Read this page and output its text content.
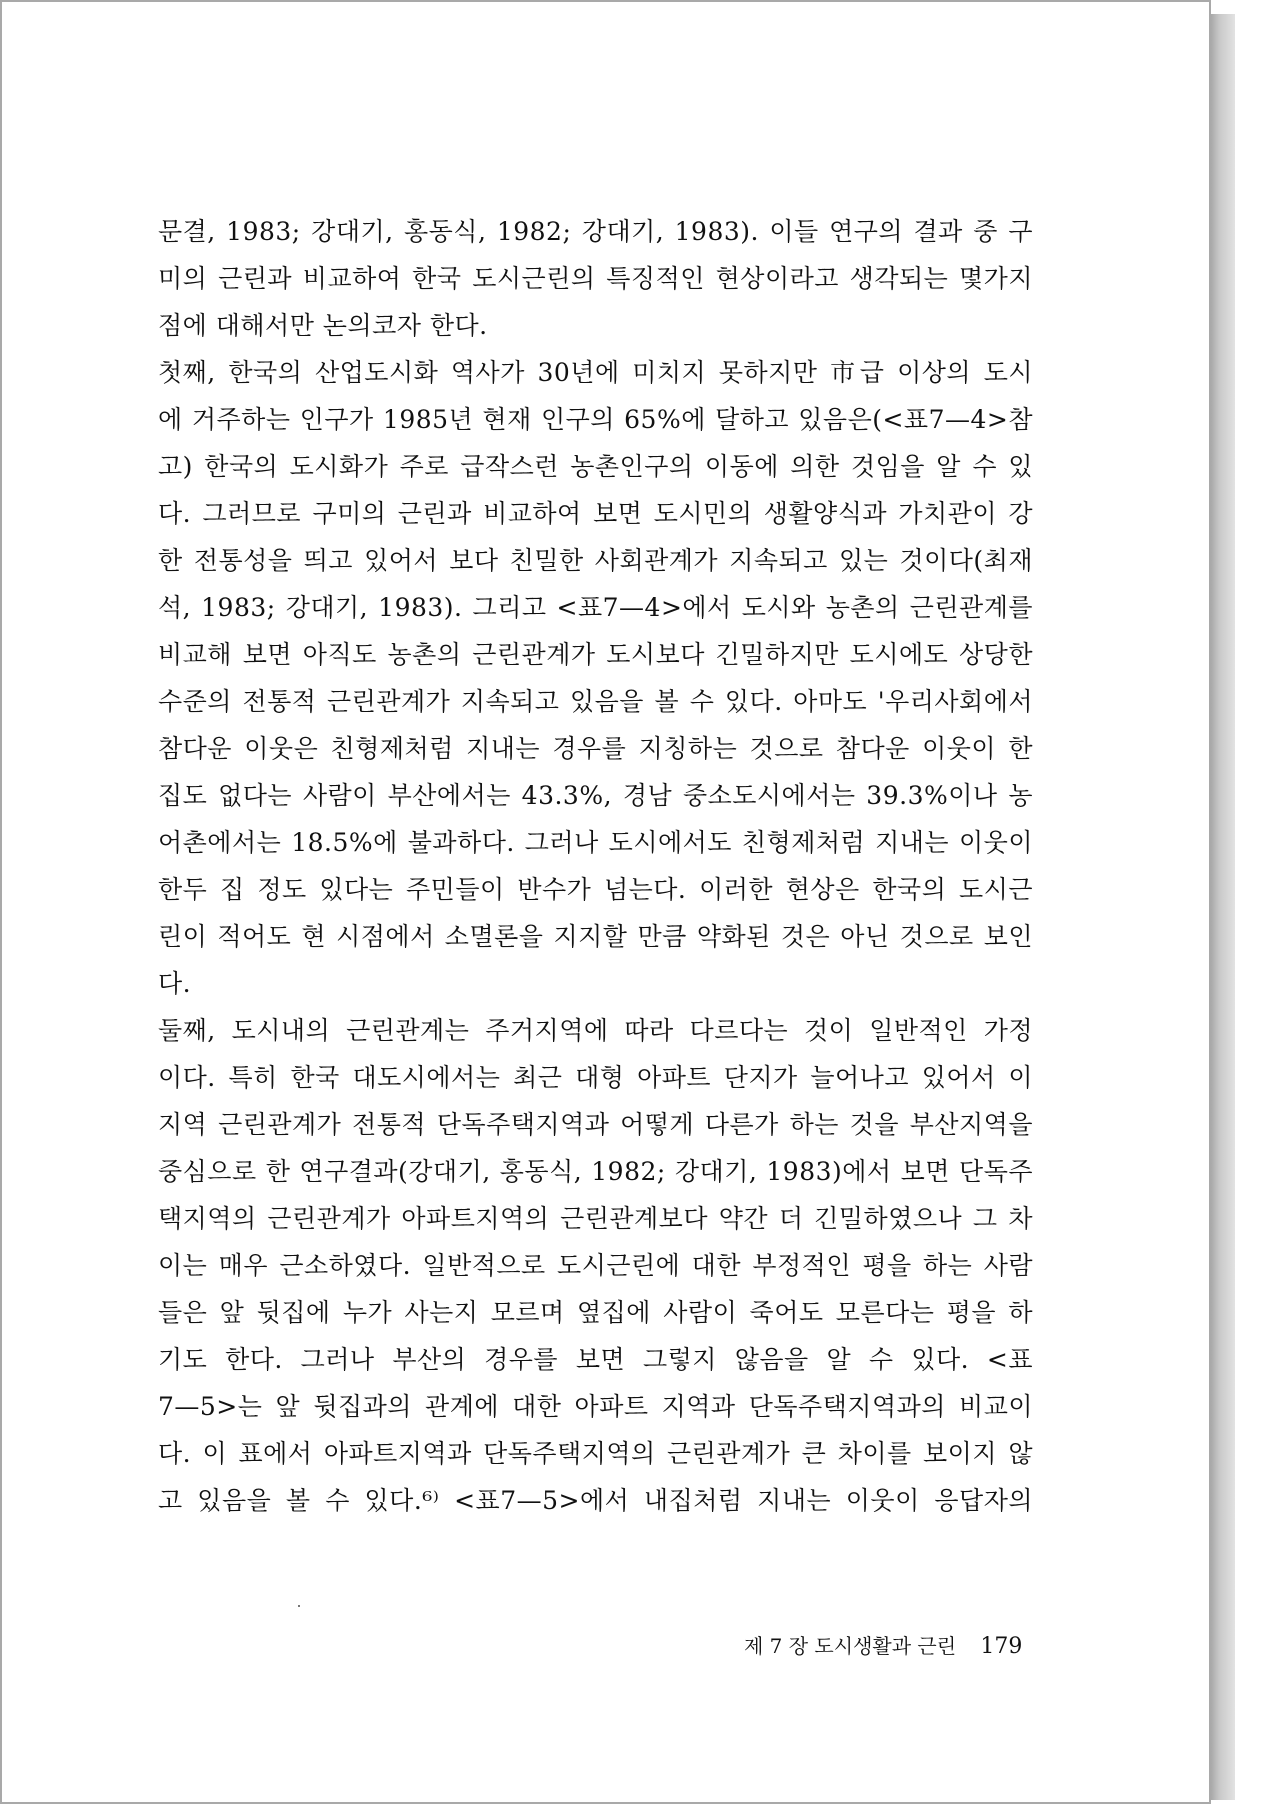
문결, 1983; 강대기, 홍동식, 1982; 강대기, 1983). 이들 연구의 결과 중 구
미의 근린과 비교하여 한국 도시근린의 특징적인 현상이라고 생각되는 몇가지
점에 대해서만 논의코자 한다.
첫째, 한국의 산업도시화 역사가 30년에 미치지 못하지만 市급 이상의 도시
에 거주하는 인구가 1985년 현재 인구의 65%에 달하고 있음은(<표7—4>참
고) 한국의 도시화가 주로 급작스런 농촌인구의 이동에 의한 것임을 알 수 있
다. 그러므로 구미의 근린과 비교하여 보면 도시민의 생활양식과 가치관이 강
한 전통성을 띄고 있어서 보다 친밀한 사회관계가 지속되고 있는 것이다(최재
석, 1983; 강대기, 1983). 그리고 <표7—4>에서 도시와 농촌의 근린관계를
비교해 보면 아직도 농촌의 근린관계가 도시보다 긴밀하지만 도시에도 상당한
수준의 전통적 근린관계가 지속되고 있음을 볼 수 있다. 아마도 '우리사회에서
참다운 이웃은 친형제처럼 지내는 경우를 지칭하는 것으로 참다운 이웃이 한
집도 없다는 사람이 부산에서는 43.3%, 경남 중소도시에서는 39.3%이나 농
어촌에서는 18.5%에 불과하다. 그러나 도시에서도 친형제처럼 지내는 이웃이
한두 집 정도 있다는 주민들이 반수가 넘는다. 이러한 현상은 한국의 도시근
린이 적어도 현 시점에서 소멸론을 지지할 만큼 약화된 것은 아닌 것으로 보인
다.
둘째, 도시내의 근린관계는 주거지역에 따라 다르다는 것이 일반적인 가정
이다. 특히 한국 대도시에서는 최근 대형 아파트 단지가 늘어나고 있어서 이
지역 근린관계가 전통적 단독주택지역과 어떻게 다른가 하는 것을 부산지역을
중심으로 한 연구결과(강대기, 홍동식, 1982; 강대기, 1983)에서 보면 단독주
택지역의 근린관계가 아파트지역의 근린관계보다 약간 더 긴밀하였으나 그 차
이는 매우 근소하였다. 일반적으로 도시근린에 대한 부정적인 평을 하는 사람
들은 앞 뒷집에 누가 사는지 모르며 옆집에 사람이 죽어도 모른다는 평을 하
기도 한다. 그러나 부산의 경우를 보면 그렇지 않음을 알 수 있다. <표
7—5>는 앞 뒷집과의 관계에 대한 아파트 지역과 단독주택지역과의 비교이
다. 이 표에서 아파트지역과 단독주택지역의 근린관계가 큰 차이를 보이지 않
고 있음을 볼 수 있다.⁶⁾ <표7—5>에서 내집처럼 지내는 이웃이 응답자의
제 7 장 도시생활과 근린 179
